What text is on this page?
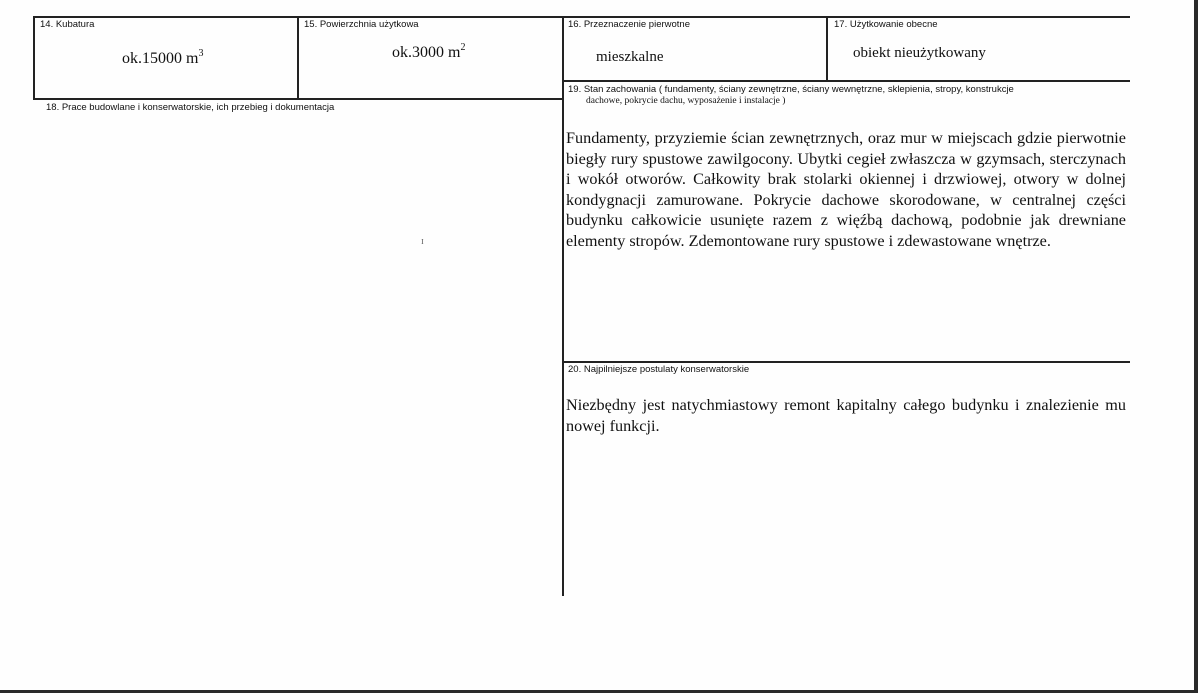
14. Kubatura
ok.15000 $m^3$
15. Powierzchnia użytkowa
ok.3000 $m^2$
16. Przeznaczenie pierwotne
mieszkalne
17. Użytkowanie obecne
obiekt nieużytkowany
18. Prace budowlane i konserwatorskie, ich przebieg i dokumentacja
19. Stan zachowania ( fundamenty, ściany zewnętrzne, ściany wewnętrzne, sklepienia, stropy, konstrukcje
dachowe, pokrycie dachu, wyposażenie i instalacje )
Fundamenty, przyziemie ścian zewnętrznych, oraz mur w miejscach gdzie pierwotnie biegły rury spustowe zawilgocony. Ubytki cegieł zwłaszcza w gzymsach, sterczynach i wokół otworów. Całkowity brak stolarki okiennej i drzwiowej, otwory w dolnej kondygnacji zamurowane. Pokrycie dachowe skorodowane, w centralnej części budynku całkowicie usunięte razem z więźbą dachową, podobnie jak drewniane elementy stropów. Zdemontowane rury spustowe i zdewastowane wnętrze.
20. Najpilniejsze postulaty konserwatorskie
Niezbędny jest natychmiastowy remont kapitalny całego budynku i znalezienie mu nowej funkcji.
ɪ
